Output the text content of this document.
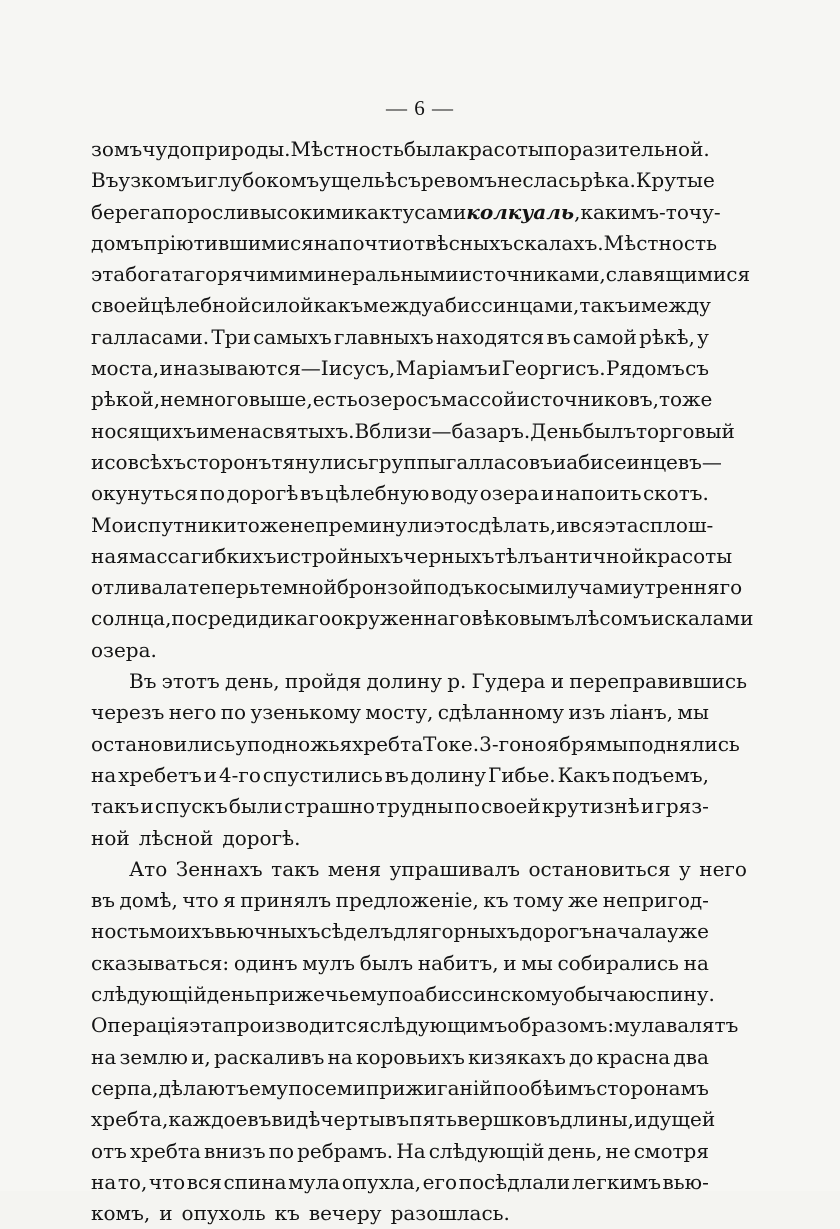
— 6 —
зомъ чудо природы. Мѣстность была красоты поразительной.
Въ узкомъ и глубокомъ ущельѣ съ ревомъ неслась рѣка. Крутые
берега поросли высокими кактусами колкуаль, какимъ-то чу-
домъ пріютившимися на почти отвѣсныхъ скалахъ. Мѣстность
эта богата горячими минеральными источниками, славящимися
своей цѣлебной силой какъ между абиссинцами, такъ и между
галласами. Три самыхъ главныхъ находятся въ самой рѣкѣ, у
моста, и называются—Іисусъ, Маріамъ и Георгисъ. Рядомъ съ
рѣкой, немного выше, есть озеро съ массой источниковъ, тоже
носящихъ имена святыхъ. Вблизи—базаръ. День былъ торговый
и со всѣхъ сторонъ тянулись группы галласовъ и абисеинцевъ—
окунуться по дорогѣ въ цѣлебную воду озера и напоить скотъ.
Мои спутники тоже не преминули это сдѣлать, и вся эта сплош-
ная масса гибкихъ и стройныхъ черныхъ тѣлъ античной красоты
отливала теперь темной бронзой подъ косыми лучами утренняго
солнца, посреди дикаго окруженнаго вѣковымъ лѣсомъ и скалами
озера.
Въ этотъ день, пройдя долину р. Гудера и переправившись
черезъ него по узенькому мосту, сдѣланному изъ ліанъ, мы
остановились у подножья хребта Токе. 3-го ноября мы поднялись
на хребетъ и 4-го спустились въ долину Гибье. Какъ подъемъ,
такъ и спускъ были страшно трудны по своей крутизнѣ и гряз-
ной лѣсной дорогѣ.
Ато Зеннахъ такъ меня упрашивалъ остановиться у него
въ домѣ, что я принялъ предложеніе, къ тому же непригод-
ность моихъ вьючныхъ сѣделъ для горныхъ дорогъ начала уже
сказываться: одинъ мулъ былъ набитъ, и мы собирались на
слѣдующій день прижечь ему по абиссинскому обычаю спину.
Операція эта производится слѣдующимъ образомъ: мула валятъ
на землю и, раскаливъ на коровьихъ кизякахъ до красна два
серпа, дѣлаютъ ему по семи прижиганій по обѣимъ сторонамъ
хребта, каждое въ видѣ черты въ пять вершковъ длины, идущей
отъ хребта внизъ по ребрамъ. На слѣдующій день, не смотря
на то, что вся спина мула опухла, его посѣдлали легкимъ вью-
комъ, и опухоль къ вечеру разошлась.
